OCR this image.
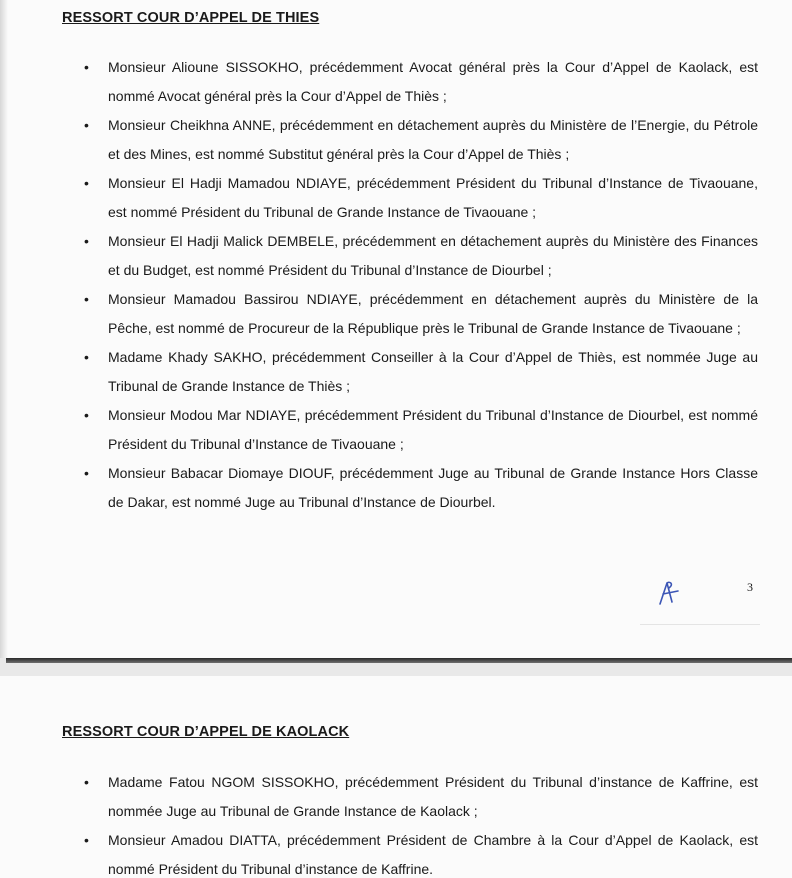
RESSORT COUR D’APPEL DE THIES
• Monsieur Alioune SISSOKHO, précédemment Avocat général près la Cour d’Appel de Kaolack, est nommé Avocat général près la Cour d’Appel de Thiès ;
• Monsieur Cheikhna ANNE, précédemment en détachement auprès du Ministère de l’Energie, du Pétrole et des Mines, est nommé Substitut général près la Cour d’Appel de Thiès ;
• Monsieur El Hadji Mamadou NDIAYE, précédemment Président du Tribunal d’Instance de Tivaouane, est nommé Président du Tribunal de Grande Instance de Tivaouane ;
• Monsieur El Hadji Malick DEMBELE, précédemment en détachement auprès du Ministère des Finances et du Budget, est nommé Président du Tribunal d’Instance de Diourbel ;
• Monsieur Mamadou Bassirou NDIAYE, précédemment en détachement auprès du Ministère de la Pêche, est nommé de Procureur de la République près le Tribunal de Grande Instance de Tivaouane ;
• Madame Khady SAKHO, précédemment Conseiller à la Cour d’Appel de Thiès, est nommée Juge au Tribunal de Grande Instance de Thiès ;
• Monsieur Modou Mar NDIAYE, précédemment Président du Tribunal d’Instance de Diourbel, est nommé Président du Tribunal d’Instance de Tivaouane ;
• Monsieur Babacar Diomaye DIOUF, précédemment Juge au Tribunal de Grande Instance Hors Classe de Dakar, est nommé Juge au Tribunal d’Instance de Diourbel.
3
RESSORT COUR D’APPEL DE KAOLACK
• Madame Fatou NGOM SISSOKHO, précédemment Président du Tribunal d’instance de Kaffrine, est nommée Juge au Tribunal de Grande Instance de Kaolack ;
• Monsieur Amadou DIATTA, précédemment Président de Chambre à la Cour d’Appel de Kaolack, est nommé Président du Tribunal d’instance de Kaffrine.
